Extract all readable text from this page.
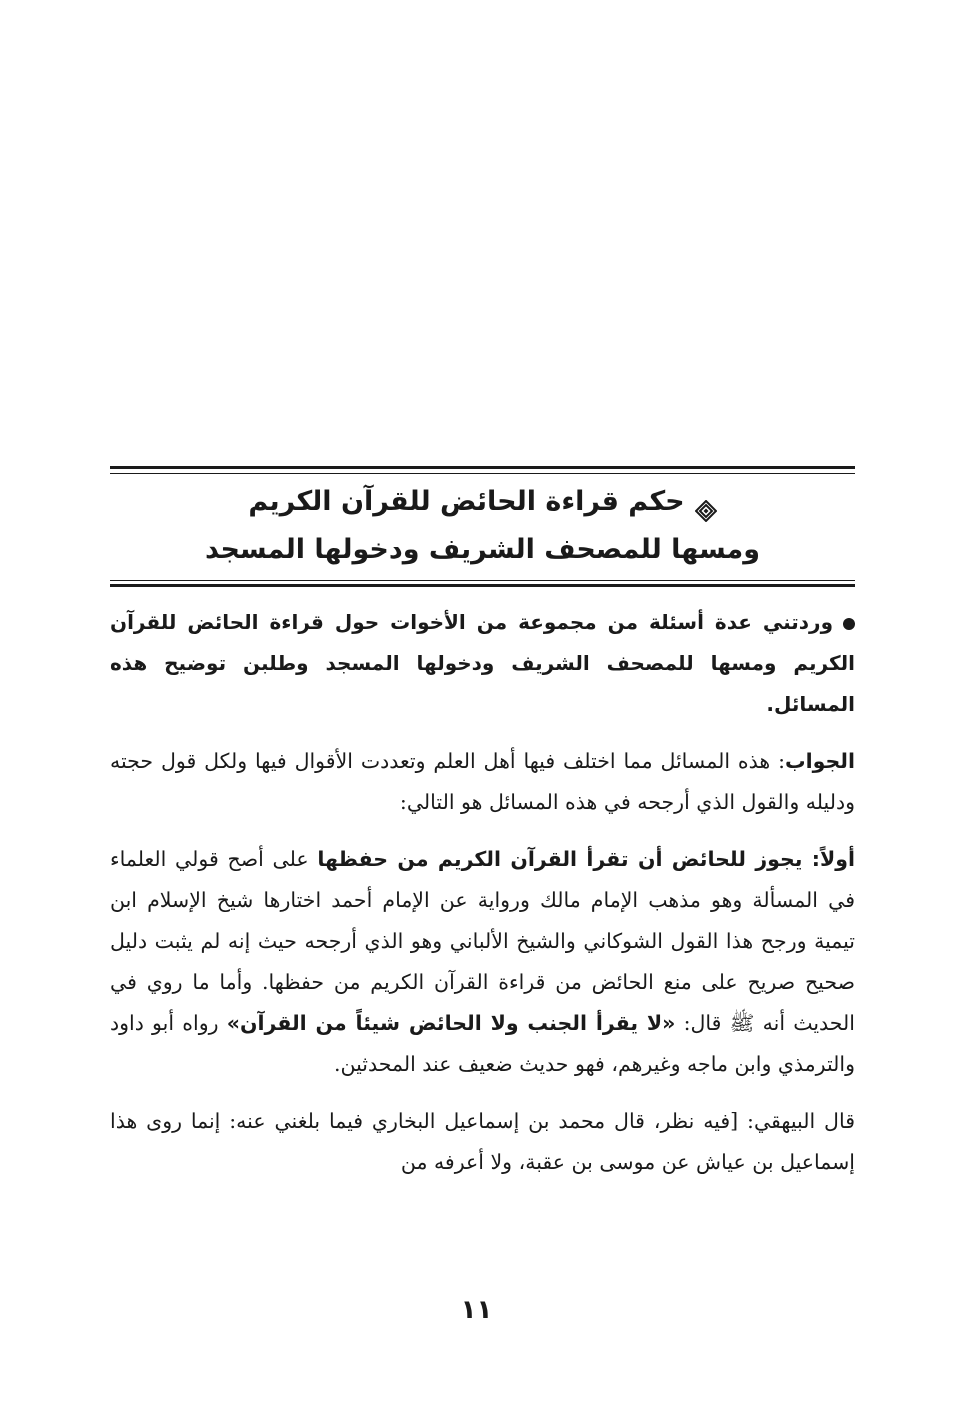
حكم قراءة الحائض للقرآن الكريم
ومسها للمصحف الشريف ودخولها المسجد

وردتني عدة أسئلة من مجموعة من الأخوات حول قراءة الحائض للقرآن الكريم ومسها للمصحف الشريف ودخولها المسجد وطلبن توضيح هذه المسائل.

الجواب: هذه المسائل مما اختلف فيها أهل العلم وتعددت الأقوال فيها ولكل قول حجته ودليله والقول الذي أرجحه في هذه المسائل هو التالي:

أولاً: يجوز للحائض أن تقرأ القرآن الكريم من حفظها على أصح قولي العلماء في المسألة وهو مذهب الإمام مالك ورواية عن الإمام أحمد اختارها شيخ الإسلام ابن تيمية ورجح هذا القول الشوكاني والشيخ الألباني وهو الذي أرجحه حيث إنه لم يثبت دليل صحيح صريح على منع الحائض من قراءة القرآن الكريم من حفظها. وأما ما روي في الحديث أنه ﷺ قال: «لا يقرأ الجنب ولا الحائض شيئاً من القرآن» رواه أبو داود والترمذي وابن ماجه وغيرهم، فهو حديث ضعيف عند المحدثين.

قال البيهقي: [فيه نظر، قال محمد بن إسماعيل البخاري فيما بلغني عنه: إنما روى هذا إسماعيل بن عياش عن موسى بن عقبة، ولا أعرفه من

١١
